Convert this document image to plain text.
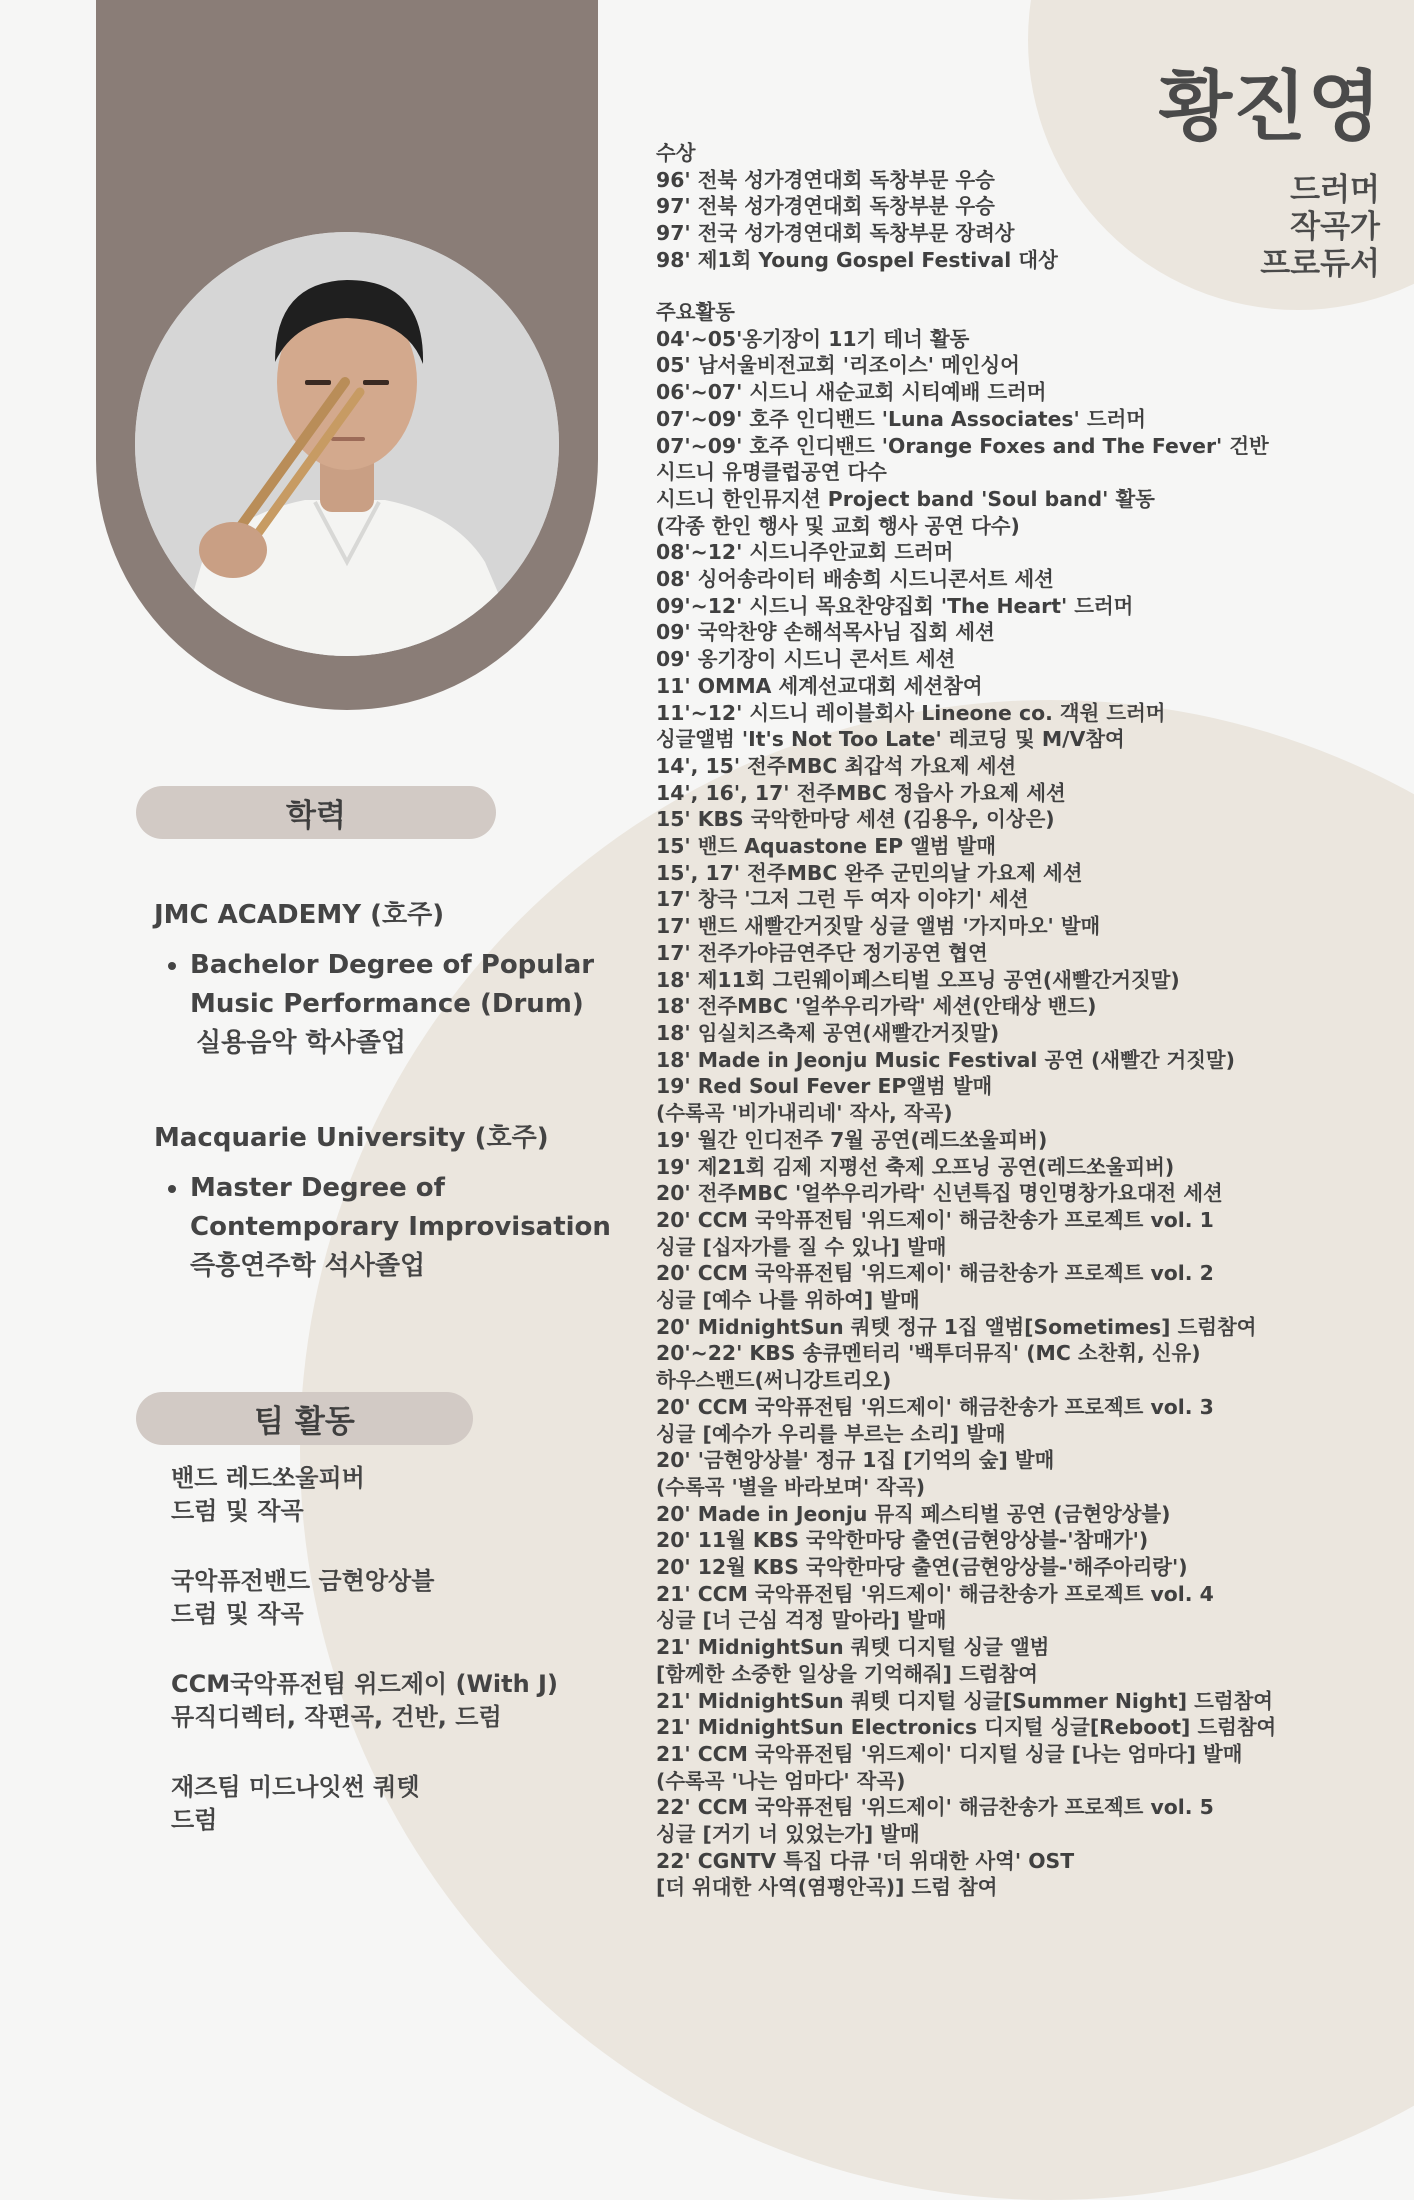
황진영
드러머
작곡가
프로듀서
학력
JMC ACADEMY (호주)
• Bachelor Degree of Popular
Music Performance (Drum)
실용음악 학사졸업
Macquarie University (호주)
• Master Degree of
Contemporary Improvisation
즉흥연주학 석사졸업
팀 활동
밴드 레드쏘울피버
드럼 및 작곡
국악퓨전밴드 금현앙상블
드럼 및 작곡
CCM국악퓨전팀 위드제이 (With J)
뮤직디렉터, 작편곡, 건반, 드럼
재즈팀 미드나잇썬 쿼텟
드럼
수상
96' 전북 성가경연대회 독창부문 우승
97' 전북 성가경연대회 독창부분 우승
97' 전국 성가경연대회 독창부문 장려상
98' 제1회 Young Gospel Festival 대상
주요활동
04'~05'옹기장이 11기 테너 활동
05' 남서울비전교회 '리조이스' 메인싱어
06'~07' 시드니 새순교회 시티예배 드러머
07'~09' 호주 인디밴드 'Luna Associates' 드러머
07'~09' 호주 인디밴드 'Orange Foxes and The Fever' 건반
시드니 유명클럽공연 다수
시드니 한인뮤지션 Project band 'Soul band' 활동
(각종 한인 행사 및 교회 행사 공연 다수)
08'~12' 시드니주안교회 드러머
08' 싱어송라이터 배송희 시드니콘서트 세션
09'~12' 시드니 목요찬양집회 'The Heart' 드러머
09' 국악찬양 손해석목사님 집회 세션
09' 옹기장이 시드니 콘서트 세션
11' OMMA 세계선교대회 세션참여
11'~12' 시드니 레이블회사 Lineone co. 객원 드러머
싱글앨범 'It's Not Too Late' 레코딩 및 M/V참여
14', 15' 전주MBC 최갑석 가요제 세션
14', 16', 17' 전주MBC 정읍사 가요제 세션
15' KBS 국악한마당 세션 (김용우, 이상은)
15' 밴드 Aquastone EP 앨범 발매
15', 17' 전주MBC 완주 군민의날 가요제 세션
17' 창극 '그저 그런 두 여자 이야기' 세션
17' 밴드 새빨간거짓말 싱글 앨범 '가지마오' 발매
17' 전주가야금연주단 정기공연 협연
18' 제11회 그린웨이페스티벌 오프닝 공연(새빨간거짓말)
18' 전주MBC '얼쑤우리가락' 세션(안태상 밴드)
18' 임실치즈축제 공연(새빨간거짓말)
18' Made in Jeonju Music Festival 공연 (새빨간 거짓말)
19' Red Soul Fever EP앨범 발매
(수록곡 '비가내리네' 작사, 작곡)
19' 월간 인디전주 7월 공연(레드쏘울피버)
19' 제21회 김제 지평선 축제 오프닝 공연(레드쏘울피버)
20' 전주MBC '얼쑤우리가락' 신년특집 명인명창가요대전 세션
20' CCM 국악퓨전팀 '위드제이' 해금찬송가 프로젝트 vol. 1
싱글 [십자가를 질 수 있나] 발매
20' CCM 국악퓨전팀 '위드제이' 해금찬송가 프로젝트 vol. 2
싱글 [예수 나를 위하여] 발매
20' MidnightSun 쿼텟 정규 1집 앨범[Sometimes] 드럼참여
20'~22' KBS 송큐멘터리 '백투더뮤직' (MC 소찬휘, 신유)
하우스밴드(써니강트리오)
20' CCM 국악퓨전팀 '위드제이' 해금찬송가 프로젝트 vol. 3
싱글 [예수가 우리를 부르는 소리] 발매
20' '금현앙상블' 정규 1집 [기억의 숲] 발매
(수록곡 '별을 바라보며' 작곡)
20' Made in Jeonju 뮤직 페스티벌 공연 (금현앙상블)
20' 11월 KBS 국악한마당 출연(금현앙상블-'참매가')
20' 12월 KBS 국악한마당 출연(금현앙상블-'해주아리랑')
21' CCM 국악퓨전팀 '위드제이' 해금찬송가 프로젝트 vol. 4
싱글 [너 근심 걱정 말아라] 발매
21' MidnightSun 쿼텟 디지털 싱글 앨범
[함께한 소중한 일상을 기억해줘] 드럼참여
21' MidnightSun 쿼텟 디지털 싱글[Summer Night] 드럼참여
21' MidnightSun Electronics 디지털 싱글[Reboot] 드럼참여
21' CCM 국악퓨전팀 '위드제이' 디지털 싱글 [나는 엄마다] 발매
(수록곡 '나는 엄마다' 작곡)
22' CCM 국악퓨전팀 '위드제이' 해금찬송가 프로젝트 vol. 5
싱글 [거기 너 있었는가] 발매
22' CGNTV 특집 다큐 '더 위대한 사역' OST
[더 위대한 사역(염평안곡)] 드럼 참여
